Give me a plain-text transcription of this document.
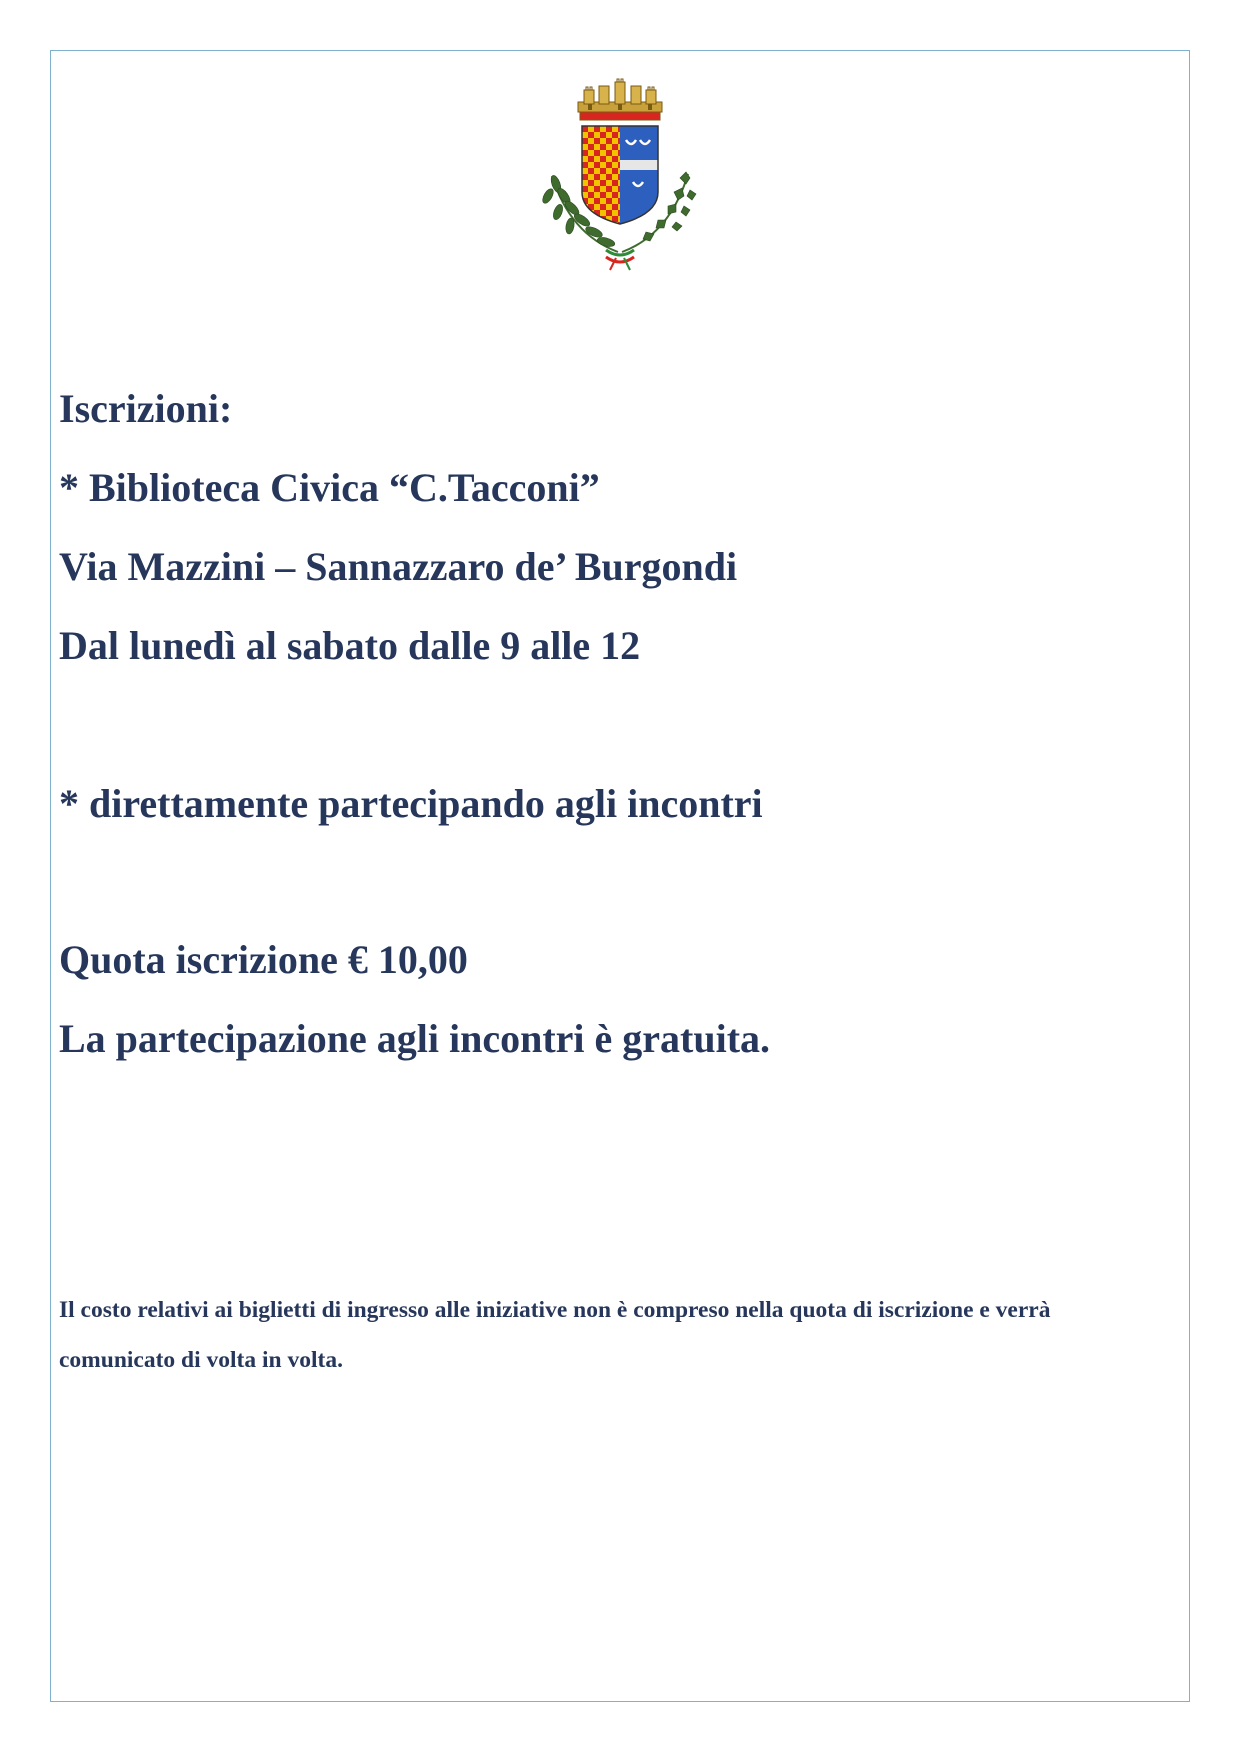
Iscrizioni:

* Biblioteca Civica “C.Tacconi”

Via Mazzini – Sannazzaro de’ Burgondi

Dal lunedì al sabato dalle 9 alle 12

* direttamente partecipando agli incontri

Quota iscrizione € 10,00

La partecipazione agli incontri è gratuita.

Il costo relativi ai biglietti di ingresso alle iniziative non è compreso nella quota di iscrizione e verrà comunicato di volta in volta.
